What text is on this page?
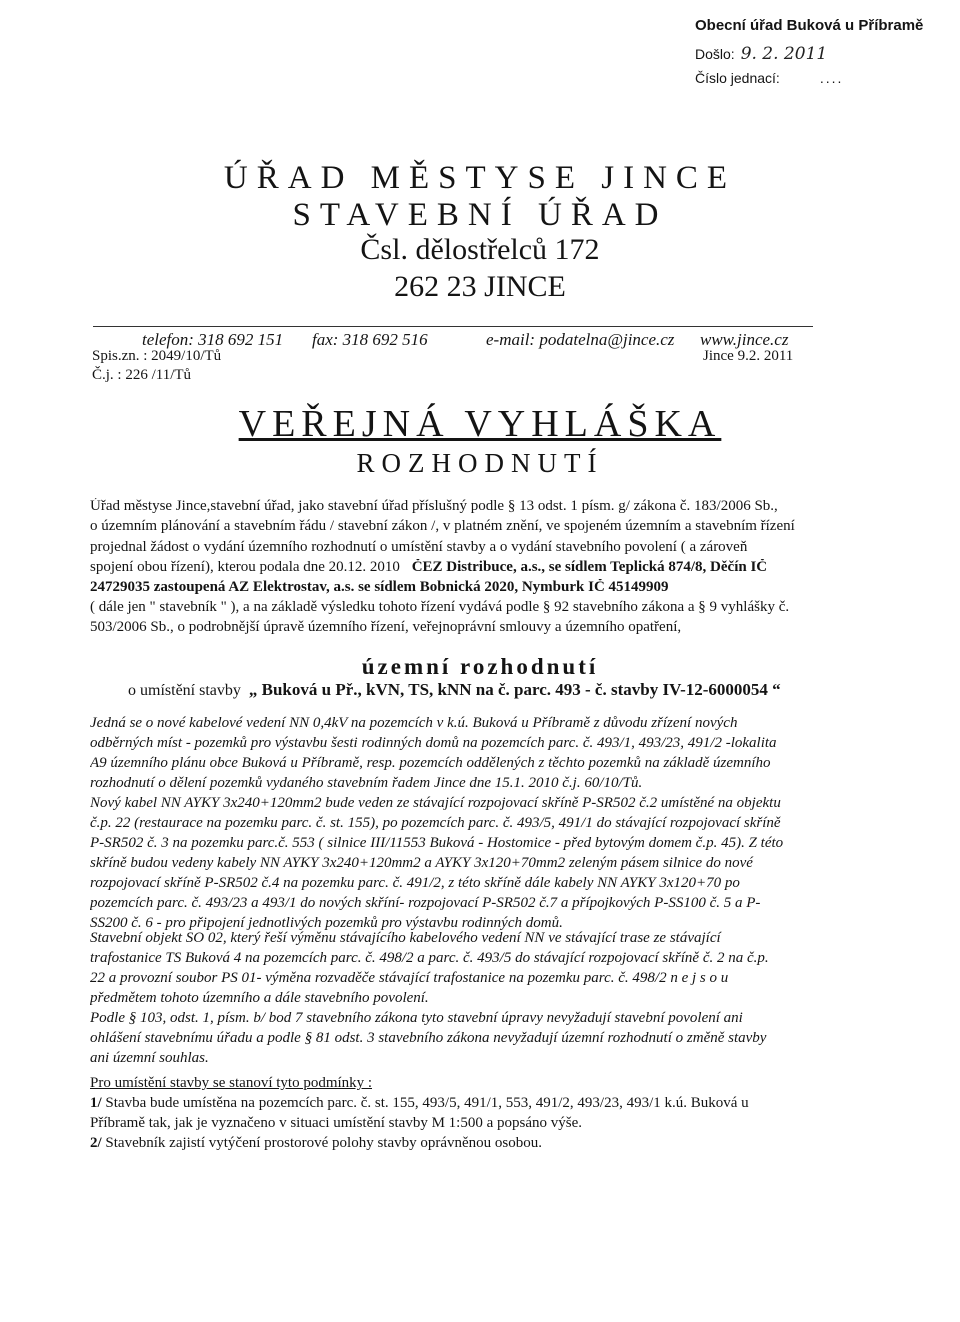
Obecní úřad Buková u Příbramě
Došlo: 9. 2. 2011
Číslo jednací:	....
ÚŘAD MĚSTYSE JINCE
STAVEBNÍ ÚŘAD
Čsl. dělostřelců 172
262 23 JINCE
telefon: 318 692 151 fax: 318 692 516	e-mail: podatelna@jince.cz www.jince.cz
Spis.zn. : 2049/10/Tů	Jince 9.2. 2011
Č.j. : 226 /11/Tů
VEŘEJNÁ VYHLÁŠKA
ROZHODNUTÍ
Úřad městyse Jince,stavební úřad, jako stavební úřad příslušný podle § 13 odst. 1 písm. g/ zákona č. 183/2006 Sb.,
o územním plánování a stavebním řádu / stavební zákon /, v platném znění, ve spojeném územním a stavebním řízení
projednal žádost o vydání územního rozhodnutí o umístění stavby a o vydání stavebního povolení ( a zároveň
spojení obou řízení), kterou podala dne 20.12. 2010 ČEZ Distribuce, a.s., se sídlem Teplická 874/8, Děčín IČ
24729035 zastoupená AZ Elektrostav, a.s. se sídlem Bobnická 2020, Nymburk IČ 45149909
( dále jen " stavebník " ), a na základě výsledku tohoto řízení vydává podle § 92 stavebního zákona a § 9 vyhlášky č.
503/2006 Sb., o podrobnější úpravě územního řízení, veřejnoprávní smlouvy a územního opatření,
územní rozhodnutí
o umístění stavby „ Buková u Př., kVN, TS, kNN na č. parc. 493 - č. stavby IV-12-6000054 “
Jedná se o nové kabelové vedení NN 0,4kV na pozemcích v k.ú. Buková u Příbramě z důvodu zřízení nových
odběrných míst - pozemků pro výstavbu šesti rodinných domů na pozemcích parc. č. 493/1, 493/23, 491/2 -lokalita
A9 územního plánu obce Buková u Příbramě, resp. pozemcích oddělených z těchto pozemků na základě územního
rozhodnutí o dělení pozemků vydaného stavebním řadem Jince dne 15.1. 2010 č.j. 60/10/Tů.
Nový kabel NN AYKY 3x240+120mm2 bude veden ze stávající rozpojovací skříně P-SR502 č.2 umístěné na objektu
č.p. 22 (restaurace na pozemku parc. č. st. 155), po pozemcích parc. č. 493/5, 491/1 do stávající rozpojovací skříně
P-SR502 č. 3 na pozemku parc.č. 553 ( silnice III/11553 Buková - Hostomice - před bytovým domem č.p. 45). Z této
skříně budou vedeny kabely NN AYKY 3x240+120mm2 a AYKY 3x120+70mm2 zeleným pásem silnice do nové
rozpojovací skříně P-SR502 č.4 na pozemku parc. č. 491/2, z této skříně dále kabely NN AYKY 3x120+70 po
pozemcích parc. č. 493/23 a 493/1 do nových skříní- rozpojovací P-SR502 č.7 a přípojkových P-SS100 č. 5 a P-
SS200 č. 6 - pro připojení jednotlivých pozemků pro výstavbu rodinných domů.
Stavební objekt SO 02, který řeší výměnu stávajícího kabelového vedení NN ve stávající trase ze stávající
trafostanice TS Buková 4 na pozemcích parc. č. 498/2 a parc. č. 493/5 do stávající rozpojovací skříně č. 2 na č.p.
22 a provozní soubor PS 01- výměna rozvaděče stávající trafostanice na pozemku parc. č. 498/2 n e j s o u
předmětem tohoto územního a dále stavebního povolení.
Podle § 103, odst. 1, písm. b/ bod 7 stavebního zákona tyto stavební úpravy nevyžadují stavební povolení ani
ohlášení stavebnímu úřadu a podle § 81 odst. 3 stavebního zákona nevyžadují územní rozhodnutí o změně stavby
ani územní souhlas.
Pro umístění stavby se stanoví tyto podmínky :
1/ Stavba bude umístěna na pozemcích parc. č. st. 155, 493/5, 491/1, 553, 491/2, 493/23, 493/1 k.ú. Buková u
Příbramě tak, jak je vyznačeno v situaci umístění stavby M 1:500 a popsáno výše.
2/ Stavebník zajistí vytýčení prostorové polohy stavby oprávněnou osobou.
